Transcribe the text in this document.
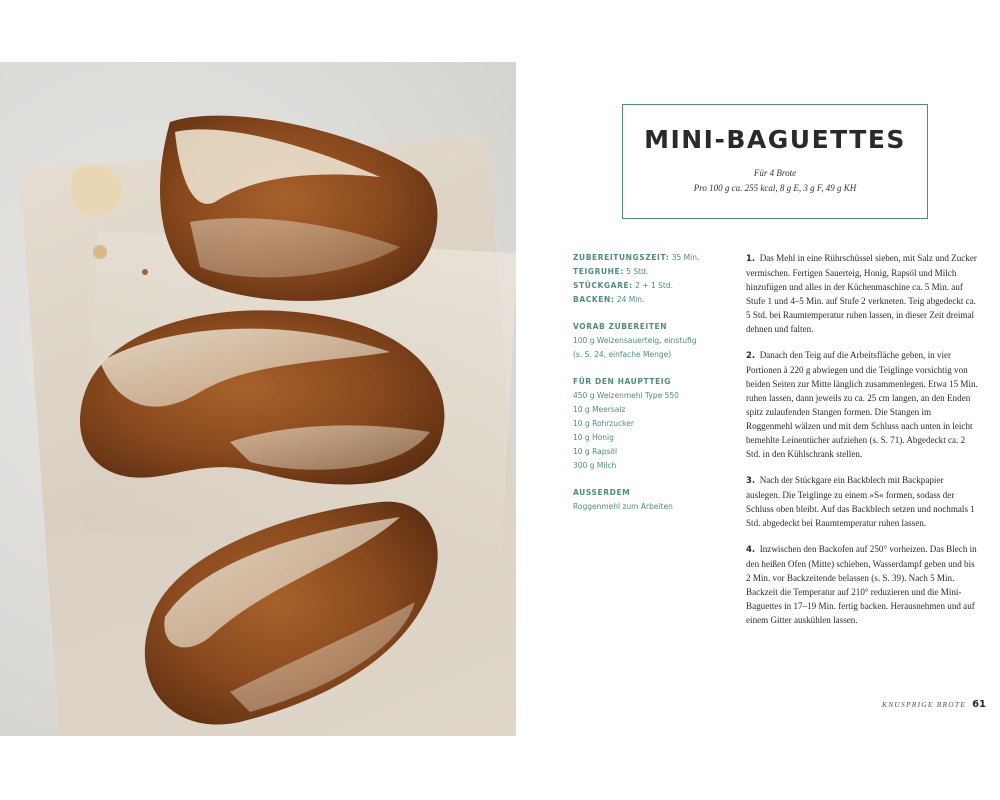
MINI-BAGUETTES
Für 4 Brote
Pro 100 g ca. 255 kcal, 8 g E, 3 g F, 49 g KH
ZUBEREITUNGSZEIT: 35 Min.
TEIGRUHE: 5 Std.
STÜCKGARE: 2 + 1 Std.
BACKEN: 24 Min.
VORAB ZUBEREITEN
100 g Weizensauerteig, einstufig
(s. S. 24, einfache Menge)
FÜR DEN HAUPTTEIG
450 g Weizenmehl Type 550
10 g Meersalz
10 g Rohrzucker
10 g Honig
10 g Rapsöl
300 g Milch
AUSSERDEM
Roggenmehl zum Arbeiten

1. Das Mehl in eine Rührschüssel sieben, mit Salz und Zucker vermischen. Fertigen Sauerteig, Honig, Rapsöl und Milch hinzufügen und alles in der Küchenmaschine ca. 5 Min. auf Stufe 1 und 4–5 Min. auf Stufe 2 verkneten. Teig abgedeckt ca. 5 Std. bei Raumtemperatur ruhen lassen, in dieser Zeit dreimal dehnen und falten.

2. Danach den Teig auf die Arbeitsfläche geben, in vier Portionen à 220 g abwiegen und die Teiglinge vorsichtig von beiden Seiten zur Mitte länglich zusammenlegen. Etwa 15 Min. ruhen lassen, dann jeweils zu ca. 25 cm langen, an den Enden spitz zulaufenden Stangen formen. Die Stangen im Roggenmehl wälzen und mit dem Schluss nach unten in leicht bemehlte Leinentücher aufziehen (s. S. 71). Abgedeckt ca. 2 Std. in den Kühlschrank stellen.

3. Nach der Stückgare ein Backblech mit Backpapier auslegen. Die Teiglinge zu einem »S« formen, sodass der Schluss oben bleibt. Auf das Backblech setzen und nochmals 1 Std. abgedeckt bei Raumtemperatur ruhen lassen.

4. Inzwischen den Backofen auf 250° vorheizen. Das Blech in den heißen Ofen (Mitte) schieben, Wasserdampf geben und bis 2 Min. vor Backzeitende belassen (s. S. 39). Nach 5 Min. Backzeit die Temperatur auf 210° reduzieren und die Mini-Baguettes in 17–19 Min. fertig backen. Herausnehmen und auf einem Gitter auskühlen lassen.

KNUSPRIGE BROTE 61
